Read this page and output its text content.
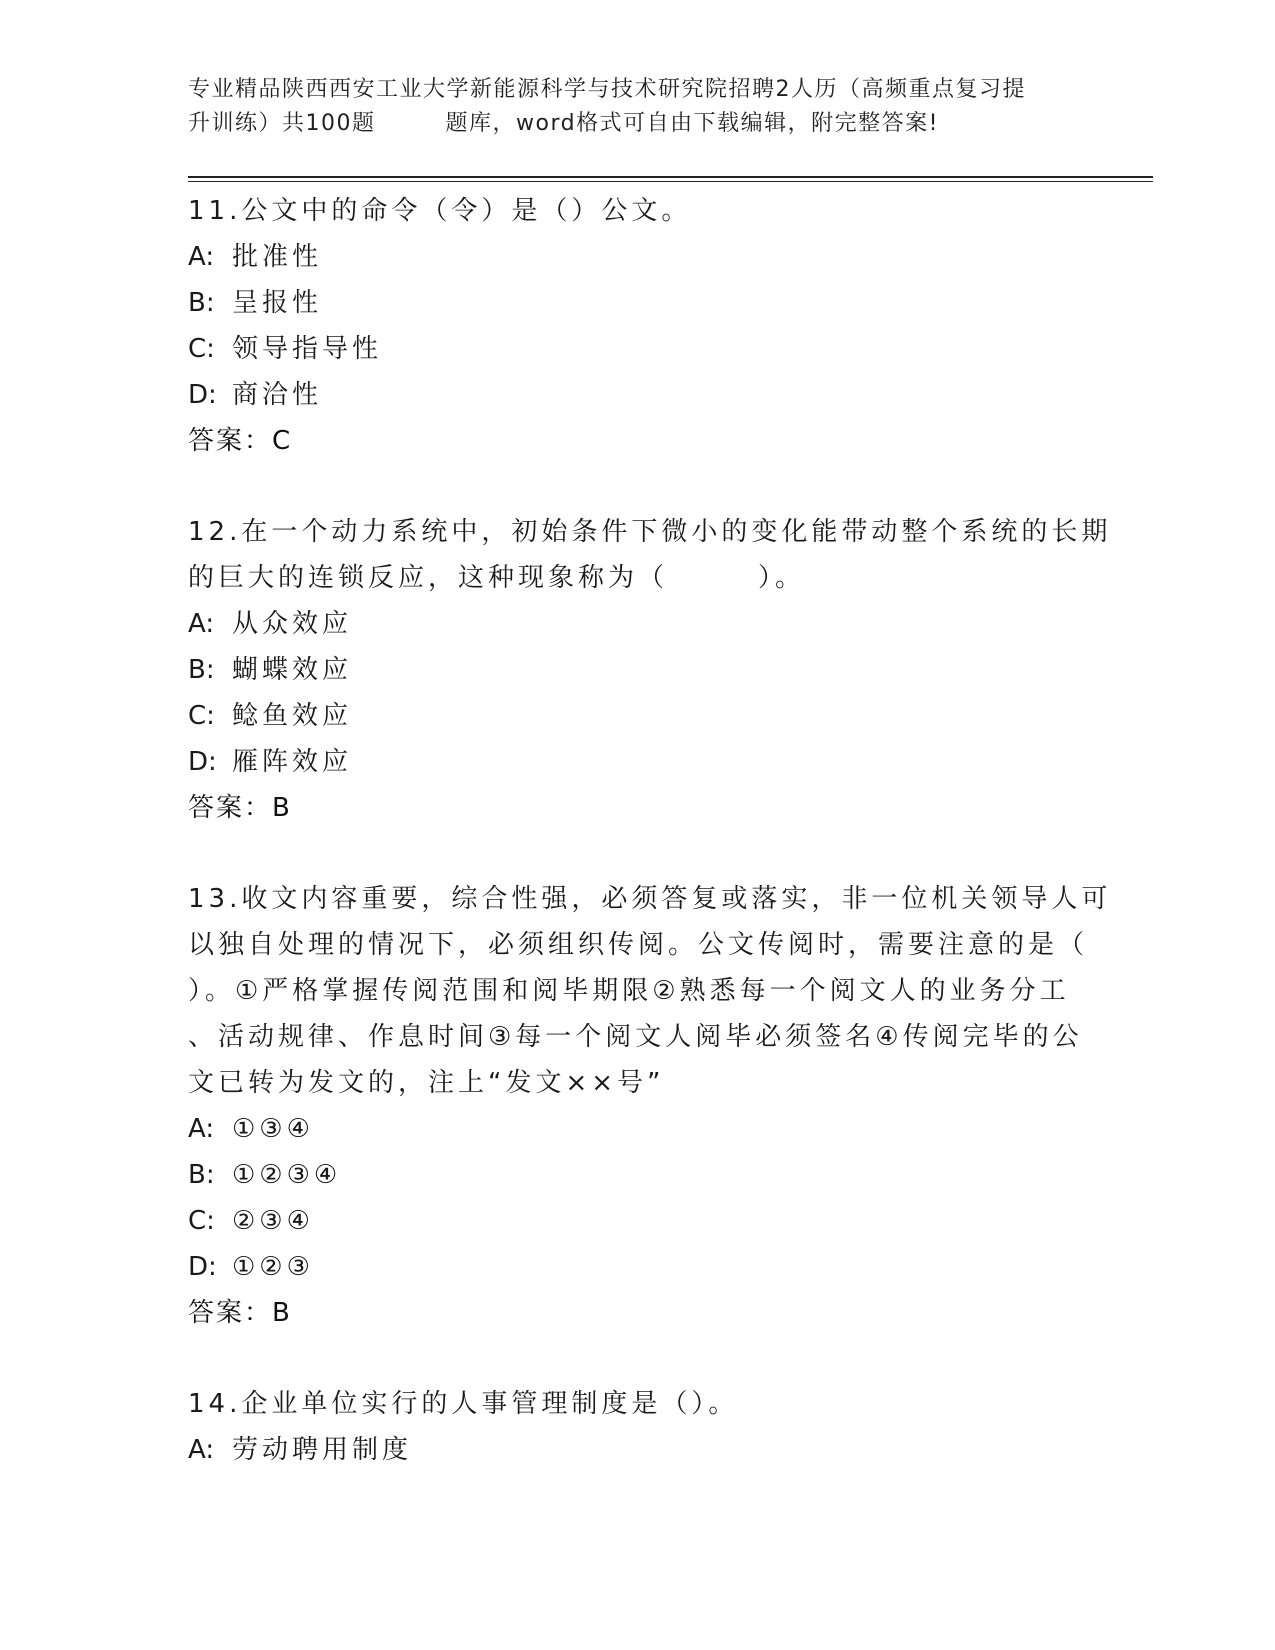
专业精品陕西西安工业大学新能源科学与技术研究院招聘2人历（高频重点复习提
升训练）共100题	题库，word格式可自由下载编辑，附完整答案!
11.公文中的命令（令）是（）公文。
A: 批准性
B: 呈报性
C: 领导指导性
D: 商洽性
答案：C
12.在一个动力系统中，初始条件下微小的变化能带动整个系统的长期
的巨大的连锁反应，这种现象称为（　　　）。
A: 从众效应
B: 蝴蝶效应
C: 鲶鱼效应
D: 雁阵效应
答案：B
13.收文内容重要，综合性强，必须答复或落实，非一位机关领导人可
以独自处理的情况下，必须组织传阅。公文传阅时，需要注意的是（
）。①严格掌握传阅范围和阅毕期限②熟悉每一个阅文人的业务分工
、活动规律、作息时间③每一个阅文人阅毕必须签名④传阅完毕的公
文已转为发文的，注上“发文××号”
A: ①③④
B: ①②③④
C: ②③④
D: ①②③
答案：B
14.企业单位实行的人事管理制度是（）。
A: 劳动聘用制度
